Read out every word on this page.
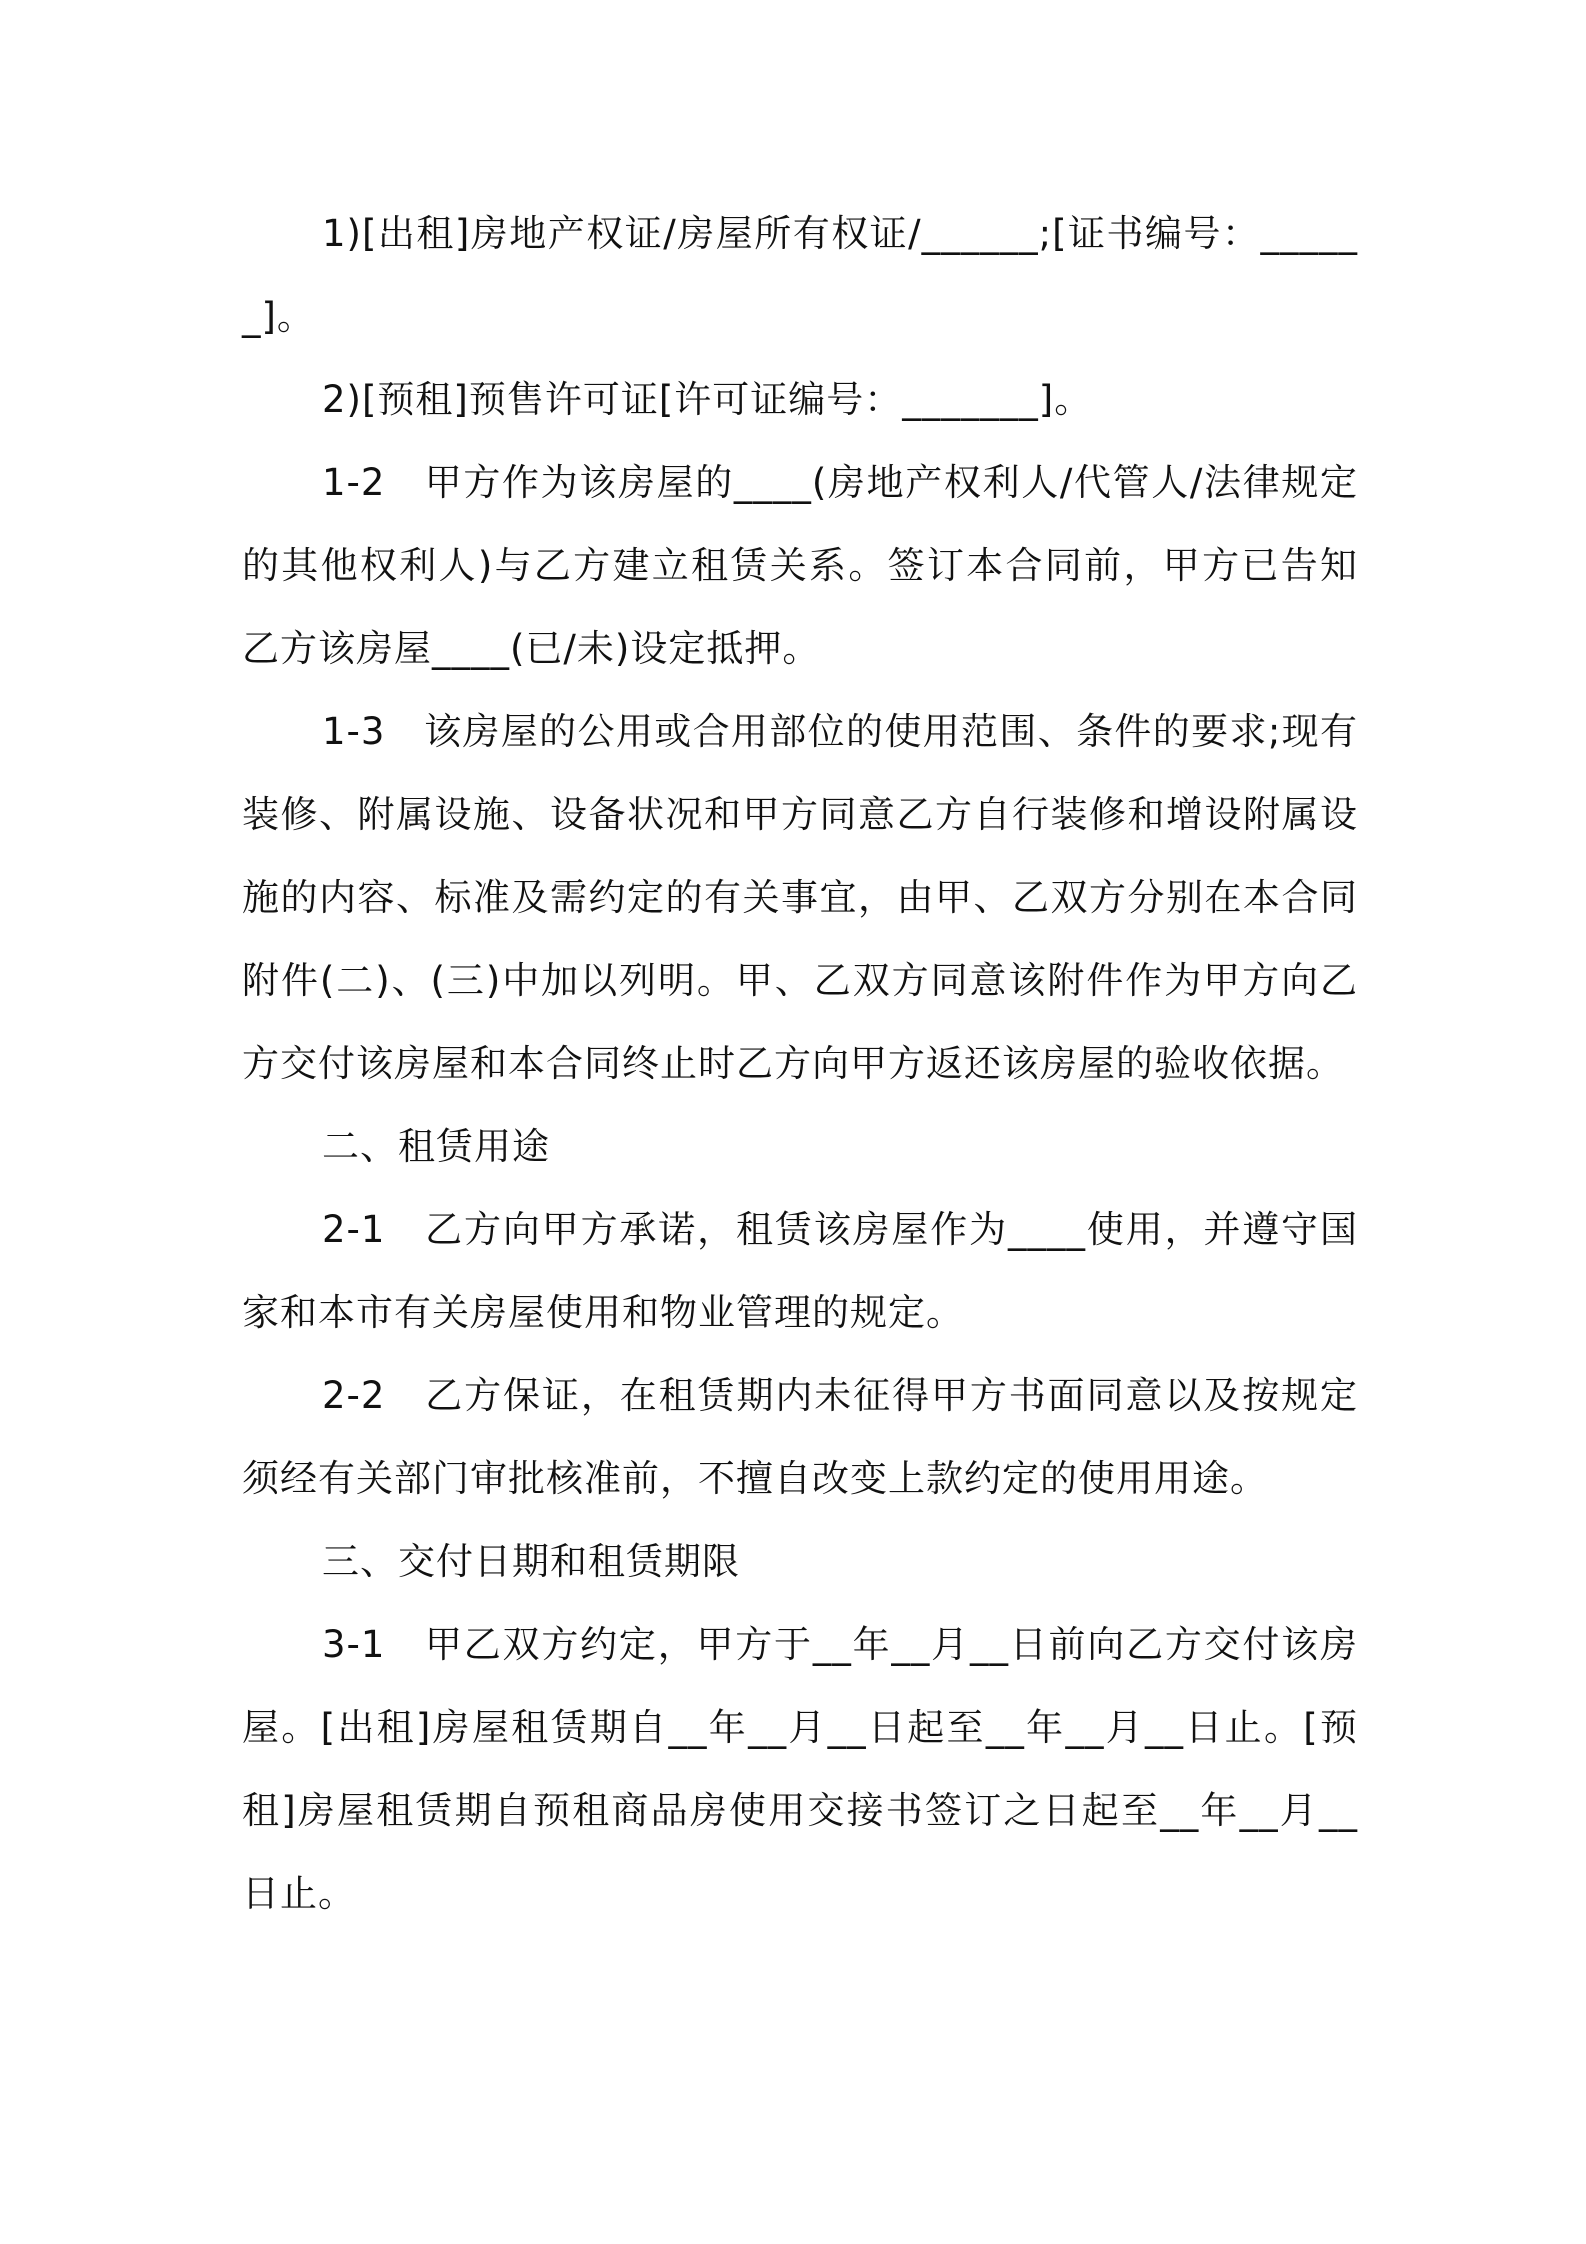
1)[出租]房地产权证/房屋所有权证/______;[证书编号：______]。

2)[预租]预售许可证[许可证编号：_______]。

1-2　甲方作为该房屋的____(房地产权利人/代管人/法律规定的其他权利人)与乙方建立租赁关系。签订本合同前，甲方已告知乙方该房屋____(已/未)设定抵押。

1-3　该房屋的公用或合用部位的使用范围、条件的要求;现有装修、附属设施、设备状况和甲方同意乙方自行装修和增设附属设施的内容、标准及需约定的有关事宜，由甲、乙双方分别在本合同附件(二)、(三)中加以列明。甲、乙双方同意该附件作为甲方向乙方交付该房屋和本合同终止时乙方向甲方返还该房屋的验收依据。

二、租赁用途

2-1　乙方向甲方承诺，租赁该房屋作为____使用，并遵守国家和本市有关房屋使用和物业管理的规定。

2-2　乙方保证，在租赁期内未征得甲方书面同意以及按规定须经有关部门审批核准前，不擅自改变上款约定的使用用途。

三、交付日期和租赁期限

3-1　甲乙双方约定，甲方于__年__月__日前向乙方交付该房屋。[出租]房屋租赁期自__年__月__日起至__年__月__日止。[预租]房屋租赁期自预租商品房使用交接书签订之日起至__年__月__日止。
